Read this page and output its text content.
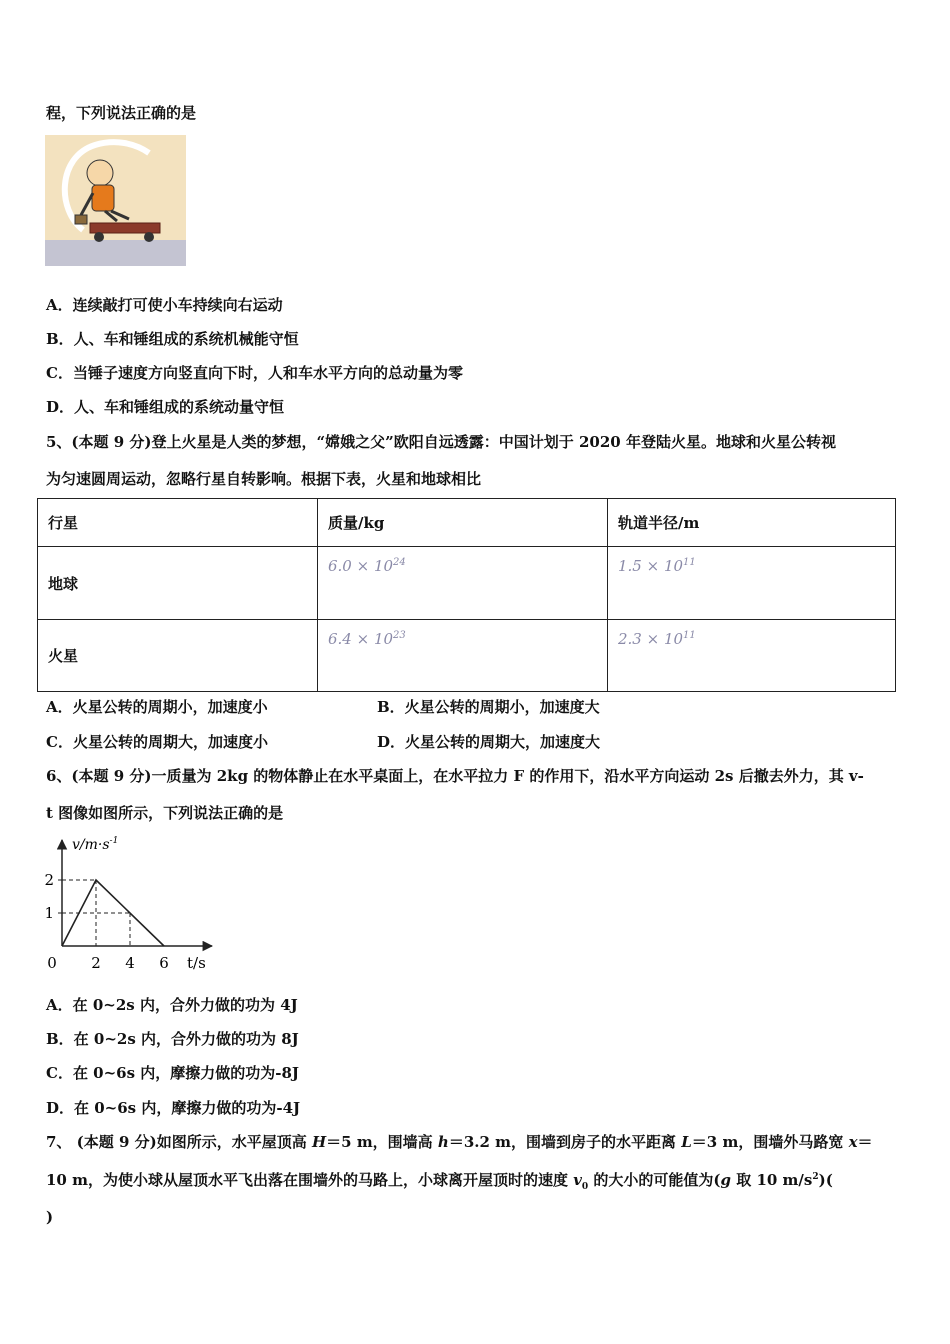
程，下列说法正确的是
A．连续敲打可使小车持续向右运动
B．人、车和锤组成的系统机械能守恒
C．当锤子速度方向竖直向下时，人和车水平方向的总动量为零
D．人、车和锤组成的系统动量守恒
5、(本题 9 分)登上火星是人类的梦想，“嫦娥之父”欧阳自远透露：中国计划于 2020 年登陆火星。地球和火星公转视
为匀速圆周运动，忽略行星自转影响。根据下表，火星和地球相比
行星	质量/kg	轨道半径/m
地球	$6.0 \times 10^{24}$	$1.5 \times 10^{11}$
火星	$6.4 \times 10^{23}$	$2.3 \times 10^{11}$
A．火星公转的周期小，加速度小	B．火星公转的周期小，加速度大
C．火星公转的周期大，加速度小	D．火星公转的周期大，加速度大
6、(本题 9 分)一质量为 2kg 的物体静止在水平桌面上，在水平拉力 F 的作用下，沿水平方向运动 2s 后撤去外力，其 v-
t 图像如图所示，下列说法正确的是
$v/m\cdot s^{-1}$
t/s
0 2 4 6
1
2
A．在 0~2s 内，合外力做的功为 4J
B．在 0~2s 内，合外力做的功为 8J
C．在 0~6s 内，摩擦力做的功为-8J
D．在 0~6s 内，摩擦力做的功为-4J
7、 (本题 9 分)如图所示，水平屋顶高 H＝5 m，围墙高 h＝3.2 m，围墙到房子的水平距离 L＝3 m，围墙外马路宽 x＝
10 m，为使小球从屋顶水平飞出落在围墙外的马路上，小球离开屋顶时的速度 $v_0$ 的大小的可能值为(g 取 10 $m/s^2$)(
)
